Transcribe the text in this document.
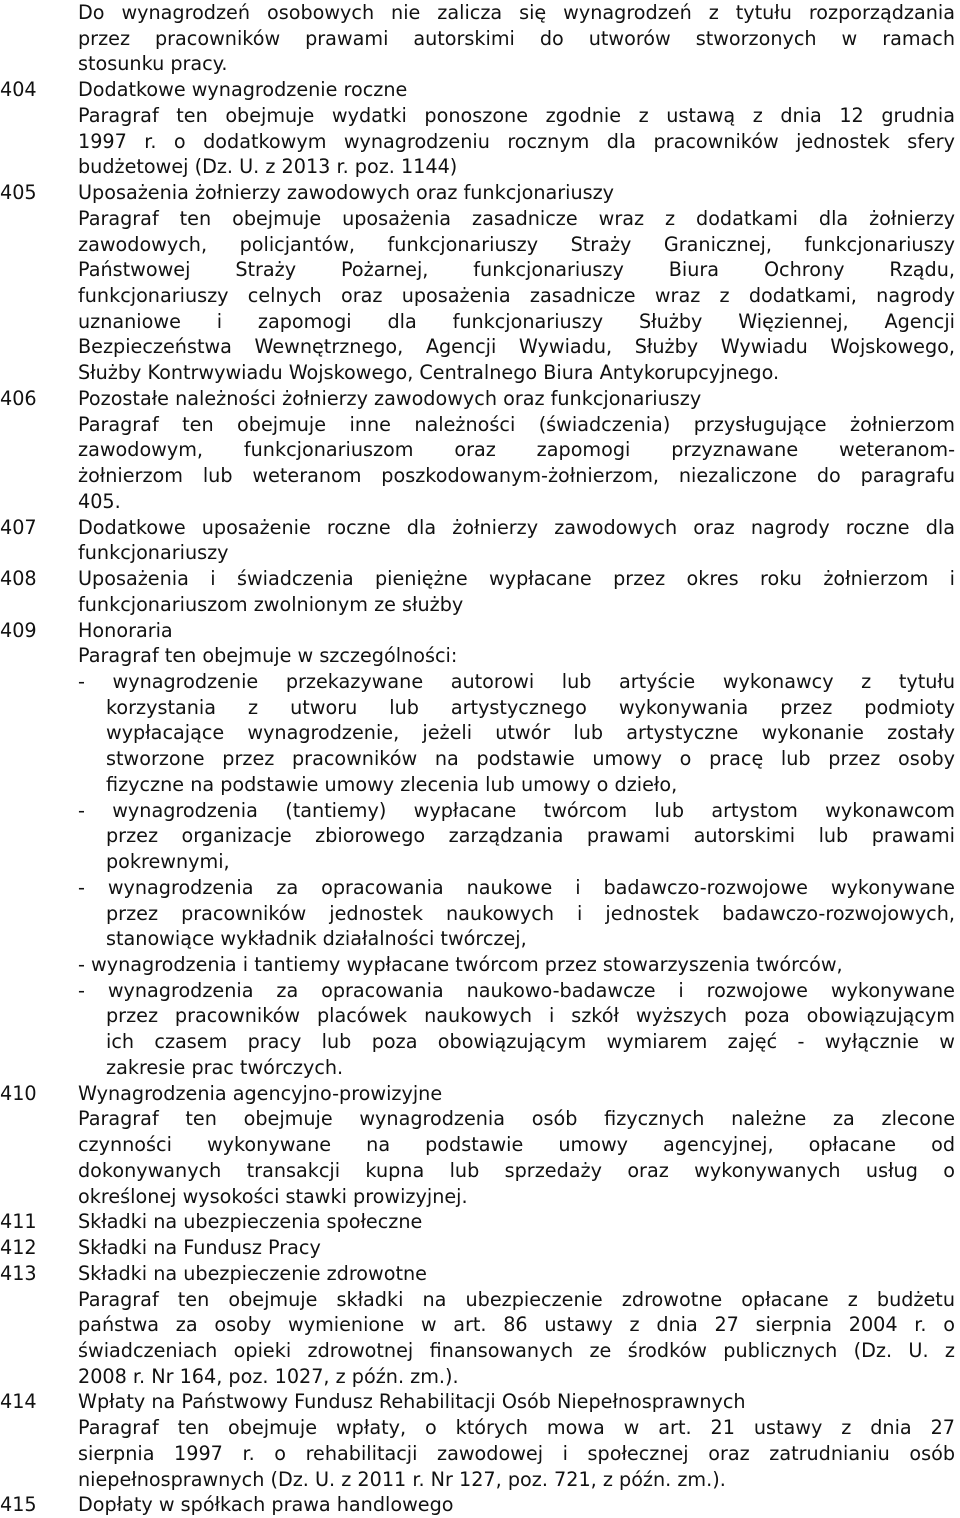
Do wynagrodzeń osobowych nie zalicza się wynagrodzeń z tytułu rozporządzania
przez pracowników prawami autorskimi do utworów stworzonych w ramach
stosunku pracy.
404 Dodatkowe wynagrodzenie roczne
Paragraf ten obejmuje wydatki ponoszone zgodnie z ustawą z dnia 12 grudnia
1997 r. o dodatkowym wynagrodzeniu rocznym dla pracowników jednostek sfery
budżetowej (Dz. U. z 2013 r. poz. 1144)
405 Uposażenia żołnierzy zawodowych oraz funkcjonariuszy
Paragraf ten obejmuje uposażenia zasadnicze wraz z dodatkami dla żołnierzy
zawodowych, policjantów, funkcjonariuszy Straży Granicznej, funkcjonariuszy
Państwowej Straży Pożarnej, funkcjonariuszy Biura Ochrony Rządu,
funkcjonariuszy celnych oraz uposażenia zasadnicze wraz z dodatkami, nagrody
uznaniowe i zapomogi dla funkcjonariuszy Służby Więziennej, Agencji
Bezpieczeństwa Wewnętrznego, Agencji Wywiadu, Służby Wywiadu Wojskowego,
Służby Kontrwywiadu Wojskowego, Centralnego Biura Antykorupcyjnego.
406 Pozostałe należności żołnierzy zawodowych oraz funkcjonariuszy
Paragraf ten obejmuje inne należności (świadczenia) przysługujące żołnierzom
zawodowym, funkcjonariuszom oraz zapomogi przyznawane weteranom-
żołnierzom lub weteranom poszkodowanym-żołnierzom, niezaliczone do paragrafu
405.
407 Dodatkowe uposażenie roczne dla żołnierzy zawodowych oraz nagrody roczne dla
funkcjonariuszy
408 Uposażenia i świadczenia pieniężne wypłacane przez okres roku żołnierzom i
funkcjonariuszom zwolnionym ze służby
409 Honoraria
Paragraf ten obejmuje w szczególności:
- wynagrodzenie przekazywane autorowi lub artyście wykonawcy z tytułu
korzystania z utworu lub artystycznego wykonywania przez podmioty
wypłacające wynagrodzenie, jeżeli utwór lub artystyczne wykonanie zostały
stworzone przez pracowników na podstawie umowy o pracę lub przez osoby
fizyczne na podstawie umowy zlecenia lub umowy o dzieło,
- wynagrodzenia (tantiemy) wypłacane twórcom lub artystom wykonawcom
przez organizacje zbiorowego zarządzania prawami autorskimi lub prawami
pokrewnymi,
- wynagrodzenia za opracowania naukowe i badawczo-rozwojowe wykonywane
przez pracowników jednostek naukowych i jednostek badawczo-rozwojowych,
stanowiące wykładnik działalności twórczej,
- wynagrodzenia i tantiemy wypłacane twórcom przez stowarzyszenia twórców,
- wynagrodzenia za opracowania naukowo-badawcze i rozwojowe wykonywane
przez pracowników placówek naukowych i szkół wyższych poza obowiązującym
ich czasem pracy lub poza obowiązującym wymiarem zajęć - wyłącznie w
zakresie prac twórczych.
410 Wynagrodzenia agencyjno-prowizyjne
Paragraf ten obejmuje wynagrodzenia osób fizycznych należne za zlecone
czynności wykonywane na podstawie umowy agencyjnej, opłacane od
dokonywanych transakcji kupna lub sprzedaży oraz wykonywanych usług o
określonej wysokości stawki prowizyjnej.
411 Składki na ubezpieczenia społeczne
412 Składki na Fundusz Pracy
413 Składki na ubezpieczenie zdrowotne
Paragraf ten obejmuje składki na ubezpieczenie zdrowotne opłacane z budżetu
państwa za osoby wymienione w art. 86 ustawy z dnia 27 sierpnia 2004 r. o
świadczeniach opieki zdrowotnej finansowanych ze środków publicznych (Dz. U. z
2008 r. Nr 164, poz. 1027, z późn. zm.).
414 Wpłaty na Państwowy Fundusz Rehabilitacji Osób Niepełnosprawnych
Paragraf ten obejmuje wpłaty, o których mowa w art. 21 ustawy z dnia 27
sierpnia 1997 r. o rehabilitacji zawodowej i społecznej oraz zatrudnianiu osób
niepełnosprawnych (Dz. U. z 2011 r. Nr 127, poz. 721, z późn. zm.).
415 Dopłaty w spółkach prawa handlowego
